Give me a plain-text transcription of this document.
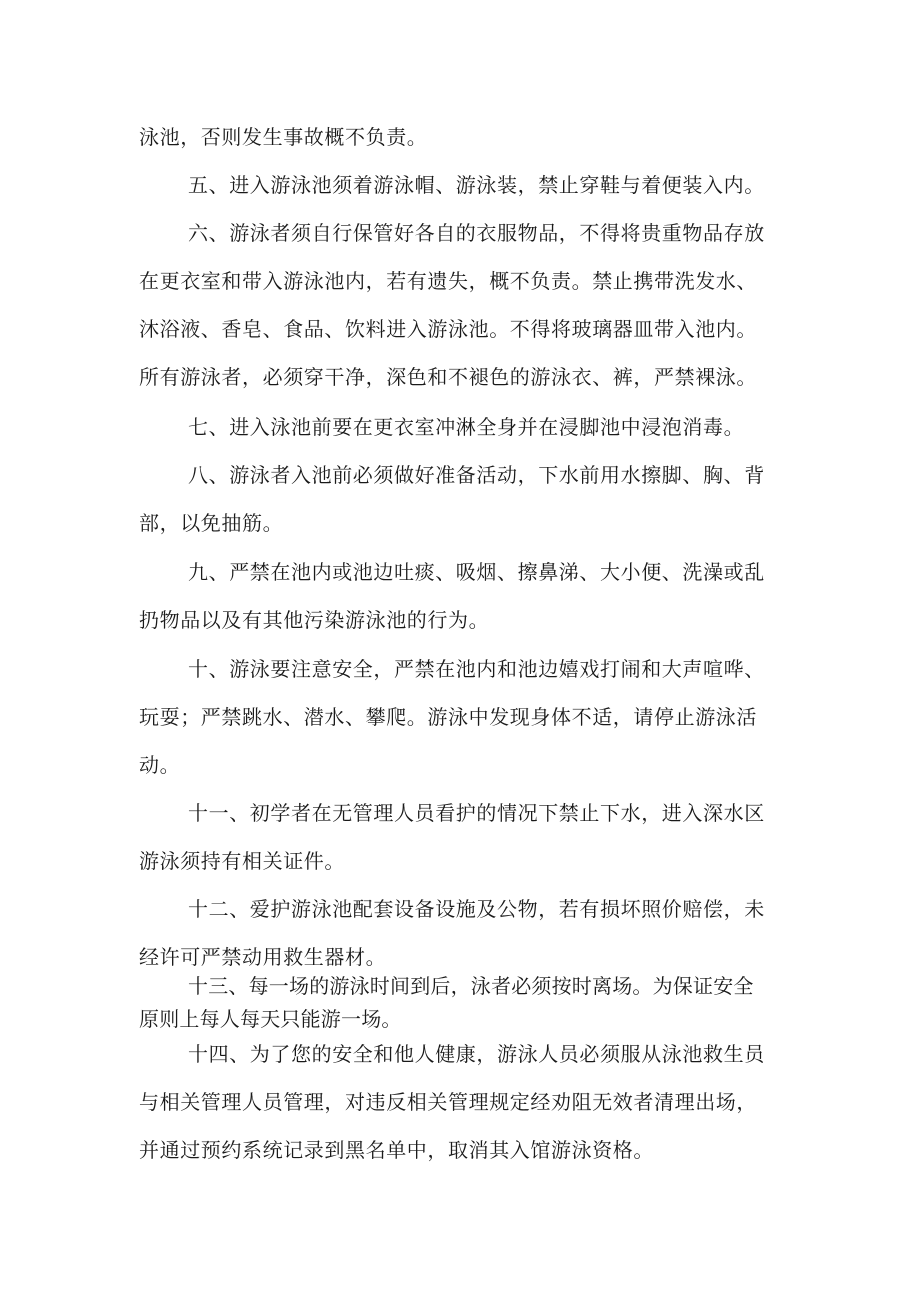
泳池，否则发生事故概不负责。

五、进入游泳池须着游泳帽、游泳装，禁止穿鞋与着便装入内。

六、游泳者须自行保管好各自的衣服物品，不得将贵重物品存放
在更衣室和带入游泳池内，若有遗失，概不负责。禁止携带洗发水、
沐浴液、香皂、食品、饮料进入游泳池。不得将玻璃器皿带入池内。
所有游泳者，必须穿干净，深色和不褪色的游泳衣、裤，严禁裸泳。

七、进入泳池前要在更衣室冲淋全身并在浸脚池中浸泡消毒。

八、游泳者入池前必须做好准备活动，下水前用水擦脚、胸、背
部，以免抽筋。

九、严禁在池内或池边吐痰、吸烟、擦鼻涕、大小便、洗澡或乱
扔物品以及有其他污染游泳池的行为。

十、游泳要注意安全，严禁在池内和池边嬉戏打闹和大声喧哗、
玩耍；严禁跳水、潜水、攀爬。游泳中发现身体不适，请停止游泳活
动。

十一、初学者在无管理人员看护的情况下禁止下水，进入深水区
游泳须持有相关证件。

十二、爱护游泳池配套设备设施及公物，若有损坏照价赔偿，未
经许可严禁动用救生器材。

十三、每一场的游泳时间到后，泳者必须按时离场。为保证安全
原则上每人每天只能游一场。

十四、为了您的安全和他人健康，游泳人员必须服从泳池救生员
与相关管理人员管理，对违反相关管理规定经劝阻无效者清理出场，
并通过预约系统记录到黑名单中，取消其入馆游泳资格。
